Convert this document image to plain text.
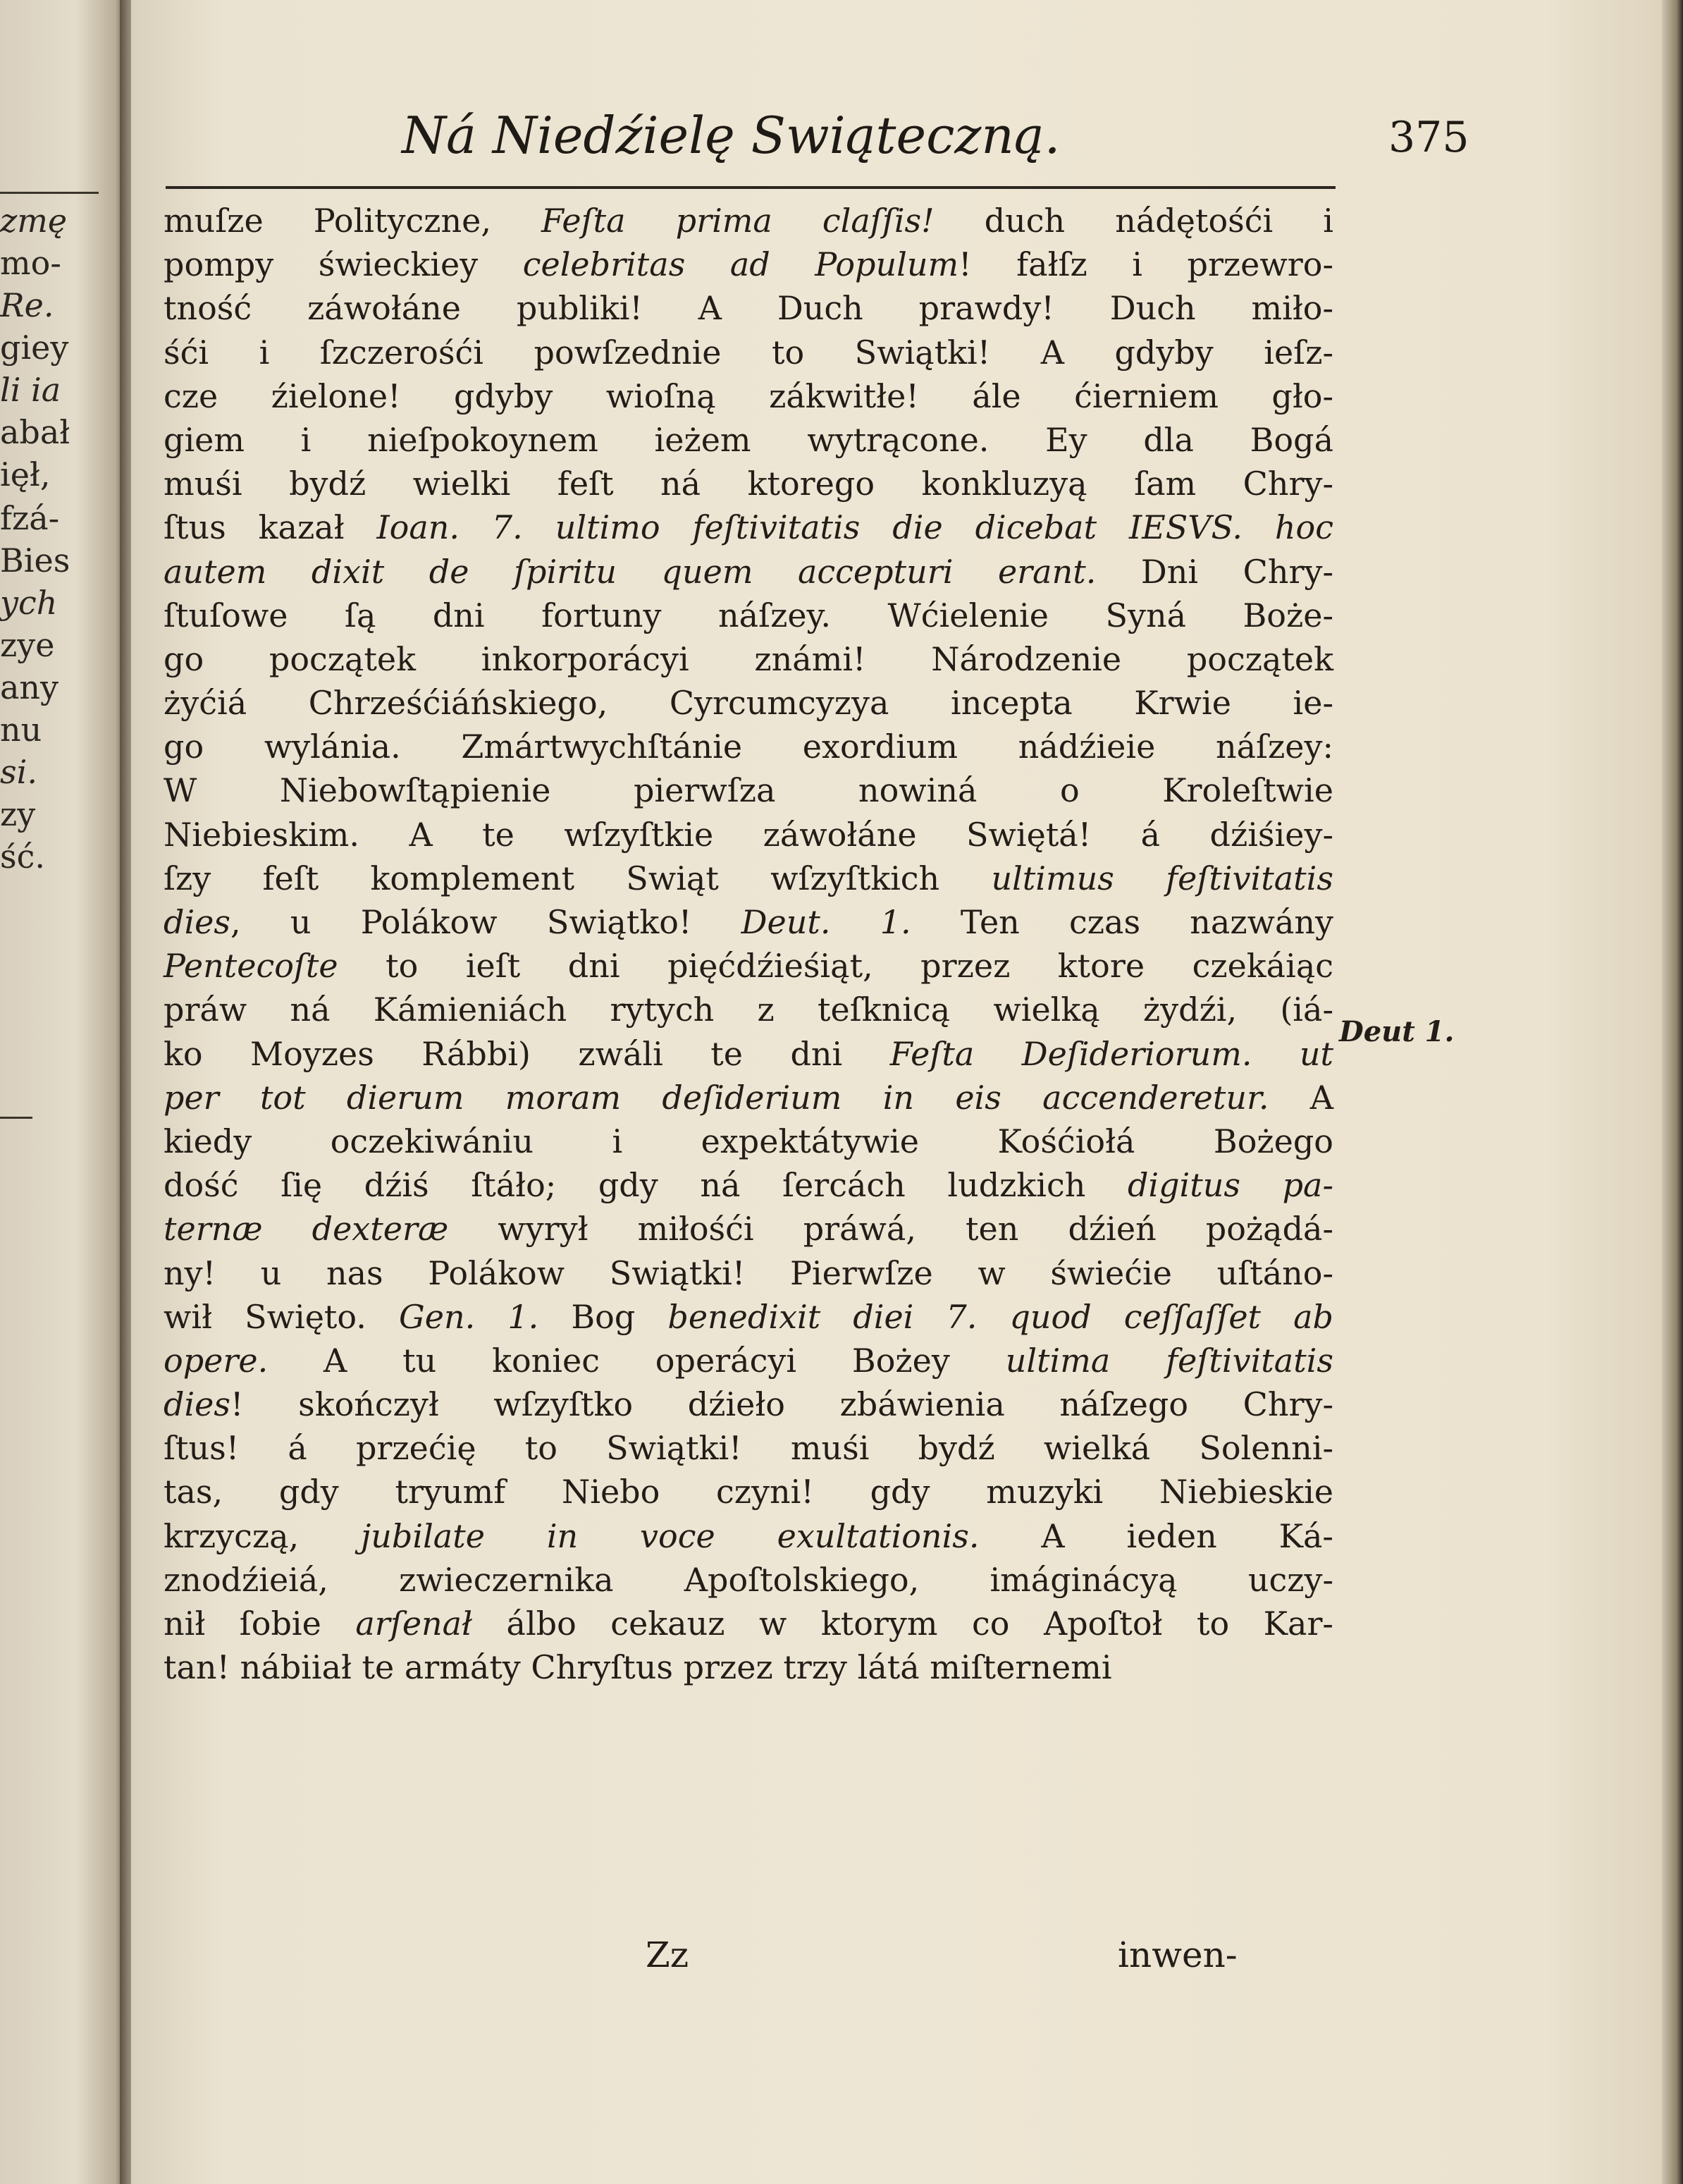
zmę
mo-
Re.
giey
li ia
abał
ięł,
fzá-
Bies
ych
zye
any
nu
si.
zy
ść.
Ná Niedźielę Swiąteczną.	375
muſze Polityczne, Feſta prima claſſis! duch nádętośći i
pompy świeckiey celebritas ad Populum! fałſz i przewro-
tność záwołáne publiki! A Duch prawdy! Duch miło-
śći i ſzczerośći powſzednie to Swiątki! A gdyby ieſz-
cze źielone! gdyby wioſną zákwitłe! ále ćierniem gło-
giem i nieſpokoynem ieżem wytrącone. Ey dla Bogá
muśi bydź wielki feſt ná ktorego konkluzyą ſam Chry-
ſtus kazał Ioan. 7. ultimo feſtivitatis die dicebat IESVS. hoc
autem dixit de ſpiritu quem accepturi erant. Dni Chry-
ſtuſowe ſą dni fortuny náſzey. Wćielenie Syná Boże-
go początek inkorporácyi známi! Národzenie początek
żyćiá Chrześćiáńskiego, Cyrcumcyzya incepta Krwie ie-
go wylánia. Zmártwychſtánie exordium nádźieie náſzey:
W Niebowſtąpienie pierwſza nowiná o Kroleſtwie
Niebieskim. A te wſzyſtkie záwołáne Swiętá! á dźiśiey-
ſzy feſt komplement Swiąt wſzyſtkich ultimus feſtivitatis
dies, u Polákow Swiątko! Deut. 1. Ten czas nazwány
Pentecoſte to ieſt dni pięćdźieśiąt, przez ktore czekáiąc
práw ná Kámieniách rytych z teſknicą wielką żydźi, (iá-
ko Moyzes Rábbi) zwáli te dni Feſta Deſideriorum. ut
per tot dierum moram deſiderium in eis accenderetur. A
kiedy oczekiwániu i expektátywie Kośćiołá Bożego
dość ſię dźiś ſtáło; gdy ná ſercách ludzkich digitus pa-
ternæ dexteræ wyrył miłośći práwá, ten dźień pożądá-
ny! u nas Polákow Swiątki! Pierwſze w świećie uſtáno-
wił Swięto. Gen. 1. Bog benedixit diei 7. quod ceſſaſſet ab
opere. A tu koniec operácyi Bożey ultima feſtivitatis
dies! skończył wſzyſtko dźieło zbáwienia náſzego Chry-
ſtus! á przećię to Swiątki! muśi bydź wielká Solenni-
tas, gdy tryumf Niebo czyni! gdy muzyki Niebieskie
krzyczą, jubilate in voce exultationis. A ieden Ká-
znodźieiá, zwieczernika Apoſtolskiego, imáginácyą uczy-
nił ſobie arſenał álbo cekauz w ktorym co Apoſtoł to Kar-
tan! nábiiał te armáty Chryſtus przez trzy látá miſternemi
Deut 1.
Zz	inwen-
